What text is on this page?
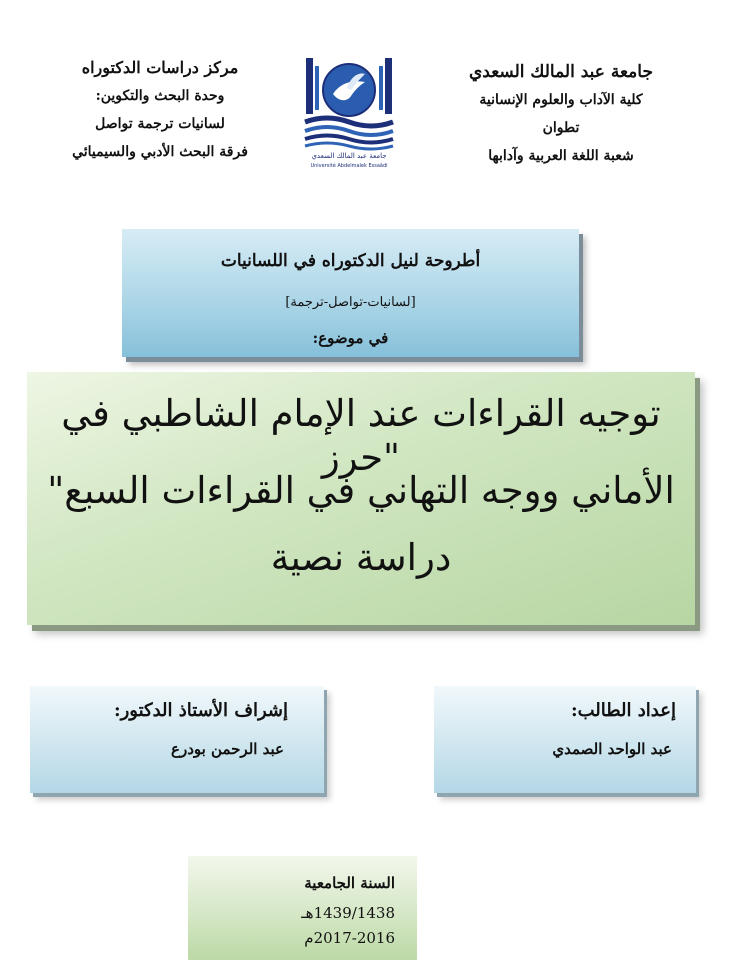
جامعة عبد المالك السعدي
كلية الآداب والعلوم الإنسانية
تطوان
شعبة اللغة العربية وآدابها
جامعة عبد المالك السعدي
Université Abdelmalek Essaâdi
مركز دراسات الدكتوراه
وحدة البحث والتكوين:
لسانيات ترجمة تواصل
فرقة البحث الأدبي والسيميائي
أطروحة لنيل الدكتوراه في اللسانيات
[لسانيات-تواصل-ترجمة]
في موضوع:
توجيه القراءات عند الإمام الشاطبي في "حرز
الأماني ووجه التهاني في القراءات السبع"
دراسة نصية
إعداد الطالب:
عبد الواحد الصمدي
إشراف الأستاذ الدكتور:
عبد الرحمن بودرع
السنة الجامعية
1439/1438هـ
2017-2016م
